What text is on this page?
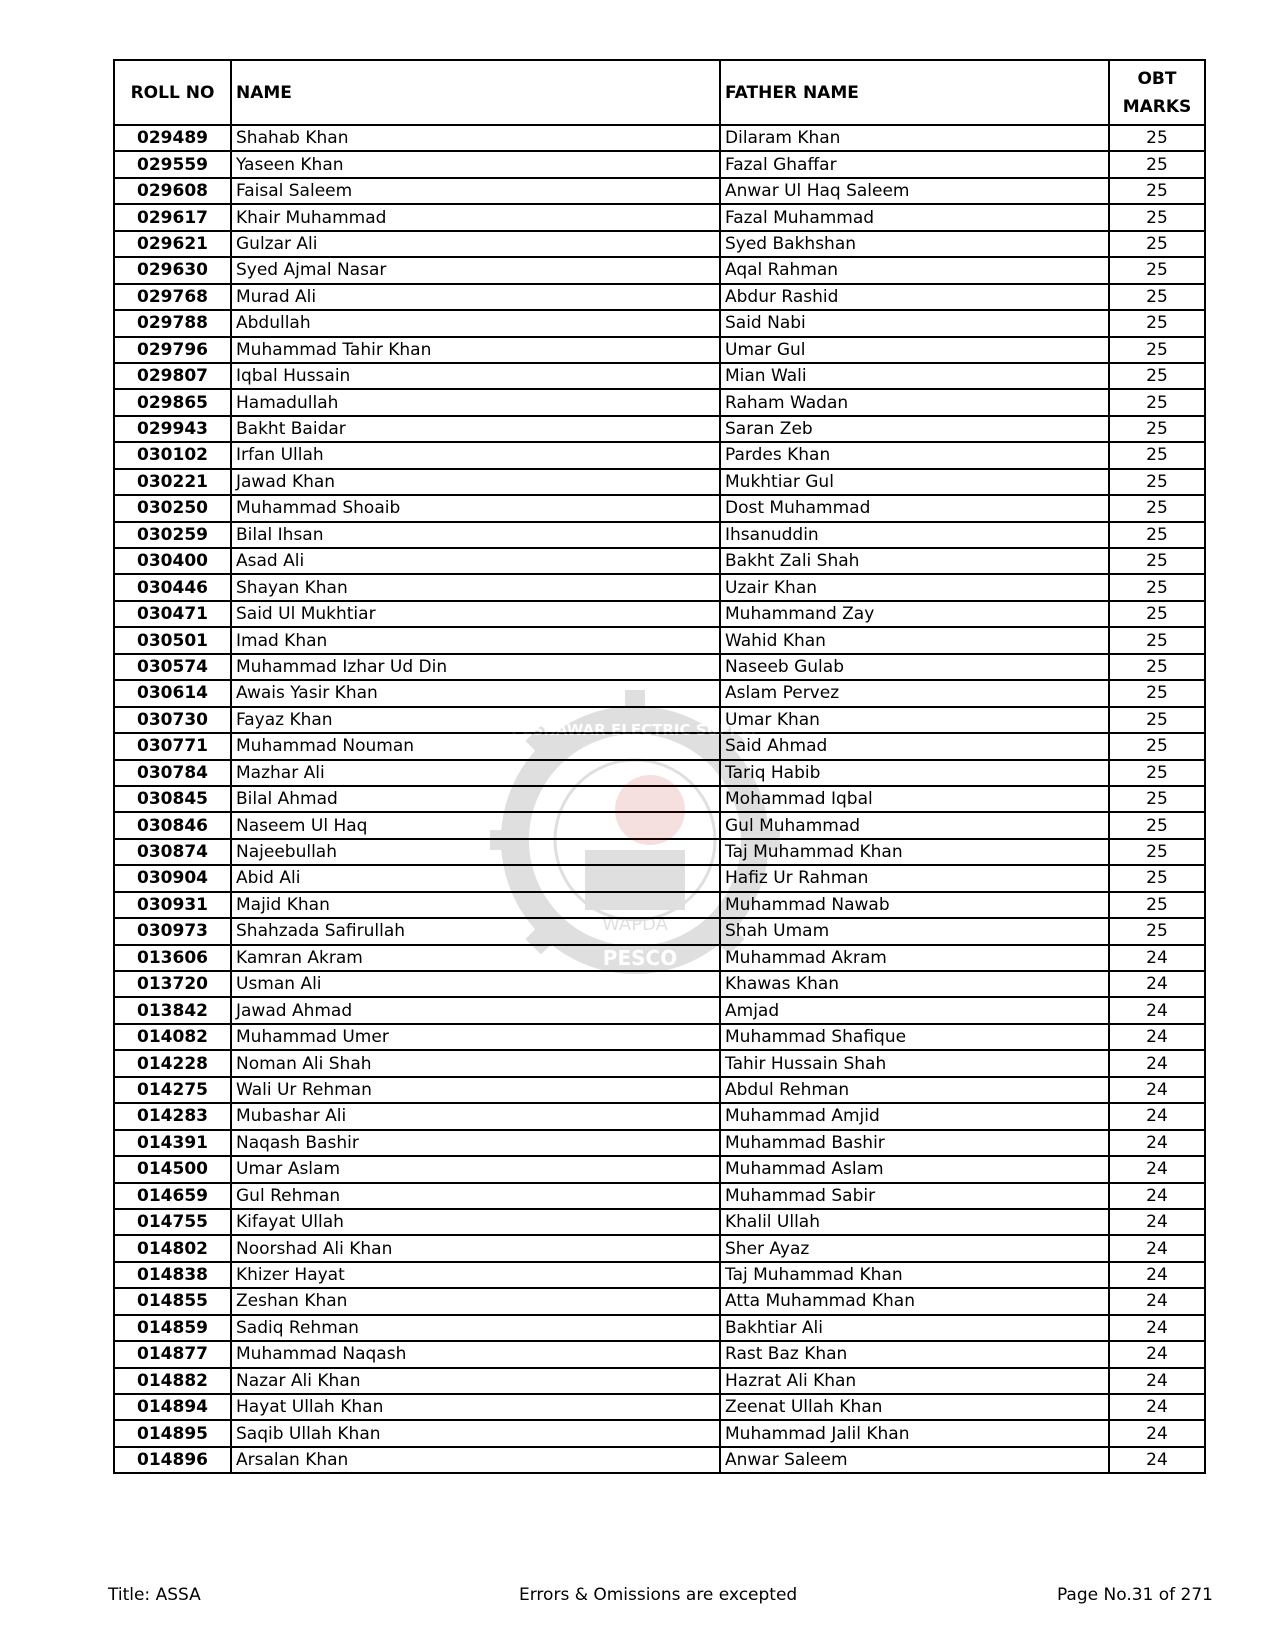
ROLL NO	NAME	FATHER NAME	OBT
MARKS

029489	Shahab Khan	Dilaram Khan	25
029559	Yaseen Khan	Fazal Ghaffar	25
029608	Faisal Saleem	Anwar Ul Haq Saleem	25
029617	Khair Muhammad	Fazal Muhammad	25
029621	Gulzar Ali	Syed Bakhshan	25
029630	Syed Ajmal Nasar	Aqal Rahman	25
029768	Murad Ali	Abdur Rashid	25
029788	Abdullah	Said Nabi	25
029796	Muhammad Tahir Khan	Umar Gul	25
029807	Iqbal Hussain	Mian Wali	25
029865	Hamadullah	Raham Wadan	25
029943	Bakht Baidar	Saran Zeb	25
030102	Irfan Ullah	Pardes Khan	25
030221	Jawad Khan	Mukhtiar Gul	25
030250	Muhammad Shoaib	Dost Muhammad	25
030259	Bilal Ihsan	Ihsanuddin	25
030400	Asad Ali	Bakht Zali Shah	25
030446	Shayan Khan	Uzair Khan	25
030471	Said Ul Mukhtiar	Muhammand Zay	25
030501	Imad Khan	Wahid Khan	25
030574	Muhammad Izhar Ud Din	Naseeb Gulab	25
030614	Awais Yasir Khan	Aslam Pervez	25
030730	Fayaz Khan	Umar Khan	25
030771	Muhammad Nouman	Said Ahmad	25
030784	Mazhar Ali	Tariq Habib	25
030845	Bilal Ahmad	Mohammad Iqbal	25
030846	Naseem Ul Haq	Gul Muhammad	25
030874	Najeebullah	Taj Muhammad Khan	25
030904	Abid Ali	Hafiz Ur Rahman	25
030931	Majid Khan	Muhammad Nawab	25
030973	Shahzada Safirullah	Shah Umam	25
013606	Kamran Akram	Muhammad Akram	24
013720	Usman Ali	Khawas Khan	24
013842	Jawad Ahmad	Amjad	24
014082	Muhammad Umer	Muhammad Shafique	24
014228	Noman Ali Shah	Tahir Hussain Shah	24
014275	Wali Ur Rehman	Abdul Rehman	24
014283	Mubashar Ali	Muhammad Amjid	24
014391	Naqash Bashir	Muhammad Bashir	24
014500	Umar Aslam	Muhammad Aslam	24
014659	Gul Rehman	Muhammad Sabir	24
014755	Kifayat Ullah	Khalil Ullah	24
014802	Noorshad Ali Khan	Sher Ayaz	24
014838	Khizer Hayat	Taj Muhammad Khan	24
014855	Zeshan Khan	Atta Muhammad Khan	24
014859	Sadiq Rehman	Bakhtiar Ali	24
014877	Muhammad Naqash	Rast Baz Khan	24
014882	Nazar Ali Khan	Hazrat Ali Khan	24
014894	Hayat Ullah Khan	Zeenat Ullah Khan	24
014895	Saqib Ullah Khan	Muhammad Jalil Khan	24
014896	Arsalan Khan	Anwar Saleem	24
WAPDA
PESCO
PESHAWAR ELECTRIC SUPPLY
Title: ASSA	Errors & Omissions are excepted	Page No.31 of 271
